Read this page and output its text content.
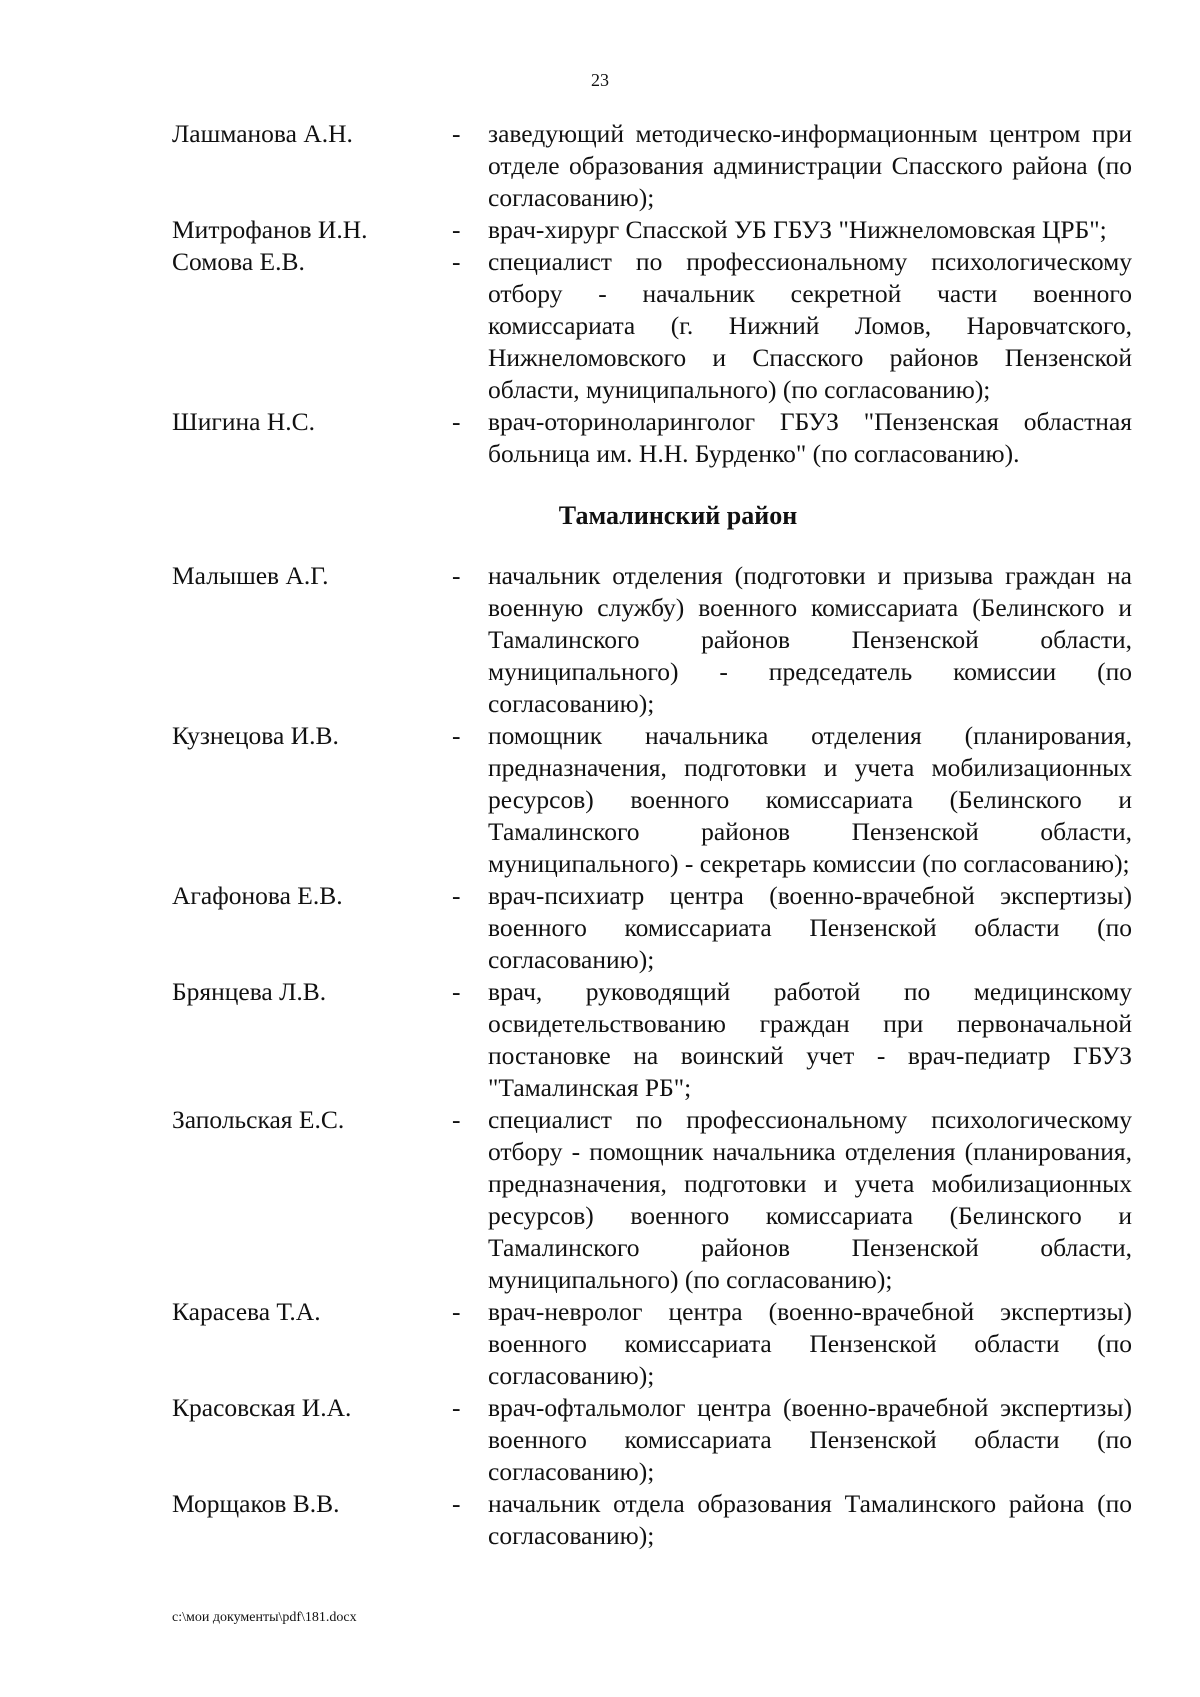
23
Лашманова А.Н.	-	заведующий методическо-информационным центром при отделе образования администрации Спасского района (по согласованию);
Митрофанов И.Н.	-	врач-хирург Спасской УБ ГБУЗ "Нижнеломовская ЦРБ";
Сомова Е.В.	-	специалист по профессиональному психологическому отбору - начальник секретной части военного комиссариата (г. Нижний Ломов, Наровчатского, Нижнеломовского и Спасского районов Пензенской области, муниципального) (по согласованию);
Шигина Н.С.	-	врач-оториноларинголог ГБУЗ "Пензенская областная больница им. Н.Н. Бурденко" (по согласованию).
Тамалинский район
Малышев А.Г.	-	начальник отделения (подготовки и призыва граждан на военную службу) военного комиссариата (Белинского и Тамалинского районов Пензенской области, муниципального) - председатель комиссии (по согласованию);
Кузнецова И.В.	-	помощник начальника отделения (планирования, предназначения, подготовки и учета мобилизационных ресурсов) военного комиссариата (Белинского и Тамалинского районов Пензенской области, муниципального) - секретарь комиссии (по согласованию);
Агафонова Е.В.	-	врач-психиатр центра (военно-врачебной экспертизы) военного комиссариата Пензенской области (по согласованию);
Брянцева Л.В.	-	врач, руководящий работой по медицинскому освидетельствованию граждан при первоначальной постановке на воинский учет - врач-педиатр ГБУЗ "Тамалинская РБ";
Запольская Е.С.	-	специалист по профессиональному психологическому отбору - помощник начальника отделения (планирования, предназначения, подготовки и учета мобилизационных ресурсов) военного комиссариата (Белинского и Тамалинского районов Пензенской области, муниципального) (по согласованию);
Карасева Т.А.	-	врач-невролог центра (военно-врачебной экспертизы) военного комиссариата Пензенской области (по согласованию);
Красовская И.А.	-	врач-офтальмолог центра (военно-врачебной экспертизы) военного комиссариата Пензенской области (по согласованию);
Морщаков В.В.	-	начальник отдела образования Тамалинского района (по согласованию);
c:\мои документы\pdf\181.docx
